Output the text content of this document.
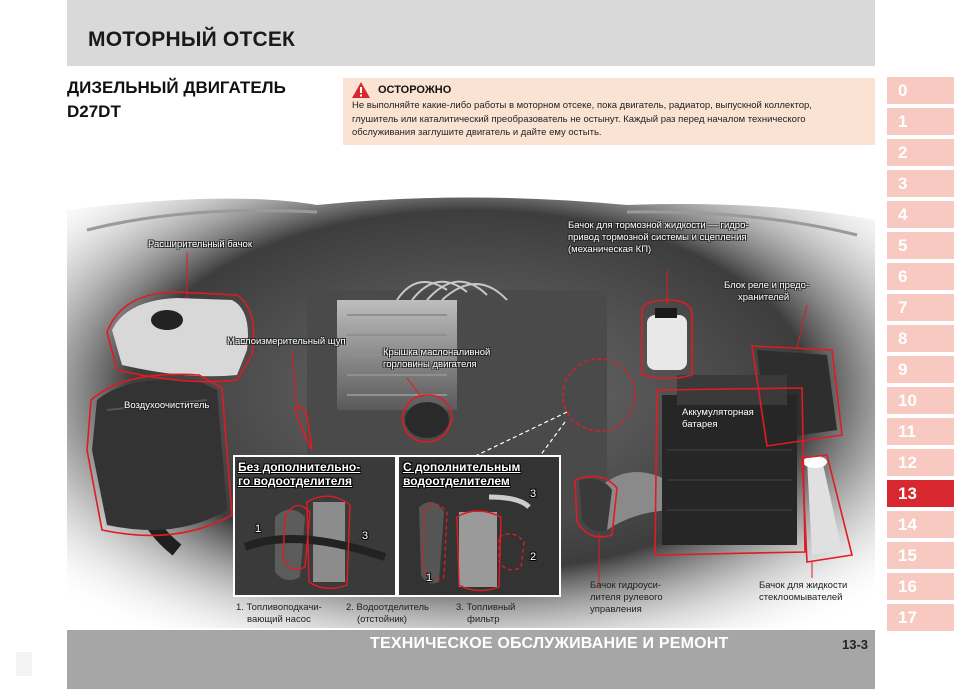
МОТОРНЫЙ ОТСЕК
ДИЗЕЛЬНЫЙ ДВИГАТЕЛЬ
D27DT
ОСТОРОЖНО
Не выполняйте какие-либо работы в моторном отсеке, пока двигатель, радиатор, выпускной коллектор,
глушитель или каталитический преобразователь не остынут. Каждый раз перед началом технического
обслуживания заглушите двигатель и дайте ему остыть.
Расширительный бачок
Маслоизмерительный щуп
Воздухоочиститель
Крышка маслоналивной
горловины двигателя
Бачок для тормозной жидкости — гидро-
привод тормозной системы и сцепления
(механическая КП)
Блок реле и предо-
хранителей
Аккумуляторная
батарея
Бачок гидроуси-
лителя рулевого
управления
Бачок для жидкости
стеклоомывателей
Без дополнительно-
го водоотделителя
1
3
С дополнительным
водоотделителем
3
2
1
1. Топливоподкачи-
вающий насос
2. Водоотделитель
(отстойник)
3. Топливный
фильтр
ТЕХНИЧЕСКОЕ ОБСЛУЖИВАНИЕ И РЕМОНТ	13-3
0
1
2
3
4
5
6
7
8
9
10
11
12
13
14
15
16
17
